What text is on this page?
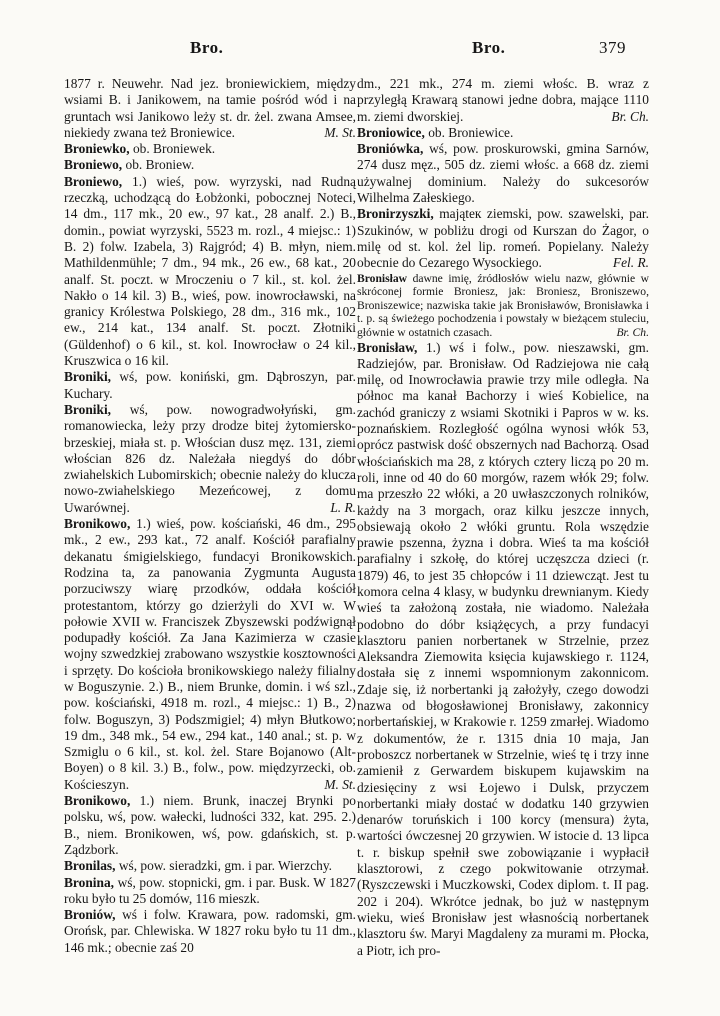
Bro.	Bro.	379

1877 r. Neuwehr. Nad jez. broniewickiem, między wsiami B. i Janikowem, na tamie pośród wód i na gruntach wsi Janikowo leży st. dr. żel. zwana Amsee, niekiedy zwana też Broniewice.	M. St.

Broniewko, ob. Broniewek.

Broniewo, ob. Broniew.

Broniewo, 1.) wieś, pow. wyrzyski, nad Rudną rzeczką, uchodzącą do Łobżonki, pobocznej Noteci, 14 dm., 117 mk., 20 ew., 97 kat., 28 analf. 2.) B., domin., powiat wyrzyski, 5523 m. rozl., 4 miejsc.: 1) B. 2) folw. Izabela, 3) Rajgród; 4) B. młyn, niem. Mathildenmühle; 7 dm., 94 mk., 26 ew., 68 kat., 20 analf. St. poczt. w Mroczeniu o 7 kil., st. kol. żel. Nakło o 14 kil. 3) B., wieś, pow. inowrocławski, na granicy Królestwa Polskiego, 28 dm., 316 mk., 102 ew., 214 kat., 134 analf. St. poczt. Złotniki (Güldenhof) o 6 kil., st. kol. Inowrocław o 24 kil., Kruszwica o 16 kil.

Broniki, wś, pow. koniński, gm. Dąbroszyn, par. Kuchary.

Broniki, wś, pow. nowogradwołyński, gm. romanowiecka, leży przy drodze bitej żytomiersko-brzeskiej, miała st. p. Włościan dusz męz. 131, ziemi włościan 826 dz. Należała niegdyś do dóbr zwiahelskich Lubomirskich; obecnie należy do klucza nowo-zwiahelskiego Mezeńcowej, z domu Uwarównej.	L. R.

Bronikowo, 1.) wieś, pow. kościański, 46 dm., 295 mk., 2 ew., 293 kat., 72 analf. Kościół parafialny dekanatu śmigielskiego, fundacyi Bronikowskich. Rodzina ta, za panowania Zygmunta Augusta porzuciwszy wiarę przodków, oddała kościół protestantom, którzy go dzierżyli do XVI w. W połowie XVII w. Franciszek Zbyszewski podźwignął podupadły kościół. Za Jana Kazimierza w czasie wojny szwedzkiej zrabowano wszystkie kosztowności i sprzęty. Do kościoła bronikowskiego należy filialny w Boguszynie. 2.) B., niem Brunke, domin. i wś szl., pow. kościański, 4918 m. rozl., 4 miejsc.: 1) B., 2) folw. Boguszyn, 3) Podszmigiel; 4) młyn Błutkowo; 19 dm., 348 mk., 54 ew., 294 kat., 140 anal.; st. p. w Szmiglu o 6 kil., st. kol. żel. Stare Bojanowo (Alt-Boyen) o 8 kil. 3.) B., folw., pow. międzyrzecki, ob. Kościeszyn.	M. St.

Bronikowo, 1.) niem. Brunk, inaczej Brynki po polsku, wś, pow. wałecki, ludności 332, kat. 295. 2.) B., niem. Bronikowen, wś, pow. gdańskich, st. p. Ządzbork.

Bronilas, wś, pow. sieradzki, gm. i par. Wierzchy.

Bronina, wś, pow. stopnicki, gm. i par. Busk. W 1827 roku było tu 25 domów, 116 mieszk.

Broniów, wś i folw. Krawara, pow. radomski, gm. Orońsk, par. Chlewiska. W 1827 roku było tu 11 dm., 146 mk.; obecnie zaś 20

dm., 221 mk., 274 m. ziemi włośc. B. wraz z przyległą Krawarą stanowi jedne dobra, mające 1110 m. ziemi dworskiej.	Br. Ch.

Broniowice, ob. Broniewice.

Broniówka, wś, pow. proskurowski, gmina Sarnów, 274 dusz męz., 505 dz. ziemi włośc. a 668 dz. ziemi używalnej dominium. Należy do sukcesorów Wilhelma Załeskiego.

Bronirzyszki, mająteк ziemski, pow. szawelski, par. Szukinów, w pobliżu drogi od Kurszan do Żagor, o milę od st. kol. żel lip. romeń. Popielany. Należy obecnie do Cezarego Wysockiego.	Fel. R.

Bronisław dawne imię, źródłosłów wielu nazw, głównie w skróconej formie Broniesz, jak: Broniesz, Broniszewo, Broniszewice; nazwiska takie jak Bronisławów, Bronisławka i t. p. są świeżego pochodzenia i powstały w bieżącem stuleciu, głównie w ostatnich czasach.	Br. Ch.

Bronisław, 1.) wś i folw., pow. nieszawski, gm. Radziejów, par. Bronisław. Od Radziejowa nie całą milę, od Inowrocławia prawie trzy mile odległa. Na północ ma kanał Bachorzy i wieś Kobielice, na zachód graniczy z wsiami Skotniki i Papros w w. ks. poznańskiem. Rozległość ogólna wynosi włók 53, oprócz pastwisk dość obszernych nad Bachorzą. Osad włościańskich ma 28, z których cztery liczą po 20 m. roli, inne od 40 do 60 morgów, razem włók 29; folw. ma przeszło 22 włóki, a 20 uwłaszczonych rolników, każdy na 3 morgach, oraz kilku jeszcze innych, obsiewają około 2 włóki gruntu. Rola wszędzie prawie pszenna, żyzna i dobra. Wieś ta ma kościół parafialny i szkołę, do której uczęszcza dzieci (r. 1879) 46, to jest 35 chłopców i 11 dziewcząt. Jest tu komora celna 4 klasy, w budynku drewnianym. Kiedy wieś ta założoną została, nie wiadomo. Należała podobno do dóbr książęcych, a przy fundacyi klasztoru panien norbertanek w Strzelnie, przez Aleksandra Ziemowita księcia kujawskiego r. 1124, dostała się z innemi wspomnionym zakonnicom. Zdaje się, iż norbertanki ją założyły, czego dowodzi nazwa od błogosławionej Bronisławy, zakonnicy norbertańskiej, w Krakowie r. 1259 zmarłej. Wiadomo z dokumentów, że r. 1315 dnia 10 maja, Jan proboszcz norbertanek w Strzelnie, wieś tę i trzy inne zamienił z Gerwardem biskupem kujawskim na dziesięciny z wsi Łojewo i Dulsk, przyczem norbertanki miały dostać w dodatku 140 grzywien denarów toruńskich i 100 korcy (mensura) żyta, wartości ówczesnej 20 grzywien. W istocie d. 13 lipca t. r. biskup spełnił swe zobowiązanie i wypłacił klasztorowi, z czego pokwitowanie otrzymał. (Ryszczewski i Muczkowski, Codex diplom. t. II pag. 202 i 204). Wkrótce jednak, bo już w następnym wieku, wieś Bronisław jest własnością norbertanek klasztoru św. Maryi Magdaleny za murami m. Płocka, a Piotr, ich pro-
